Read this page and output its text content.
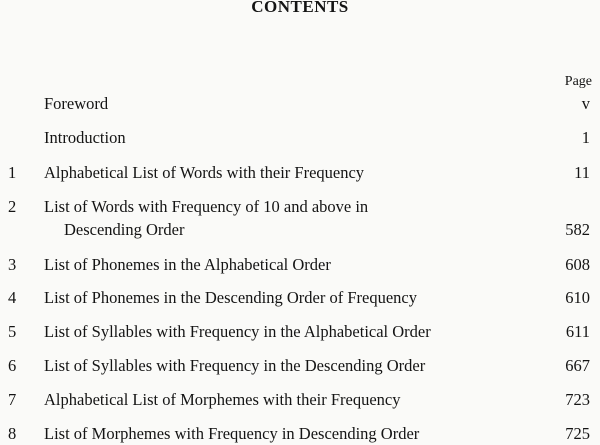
CONTENTS
Page
Foreword	v
Introduction	1
1	Alphabetical List of Words with their Frequency	11
2	List of Words with Frequency of 10 and above in
Descending Order	582
3	List of Phonemes in the Alphabetical Order	608
4	List of Phonemes in the Descending Order of Frequency	610
5	List of Syllables with Frequency in the Alphabetical Order	611
6	List of Syllables with Frequency in the Descending Order	667
7	Alphabetical List of Morphemes with their Frequency	723
8	List of Morphemes with Frequency in Descending Order	725
